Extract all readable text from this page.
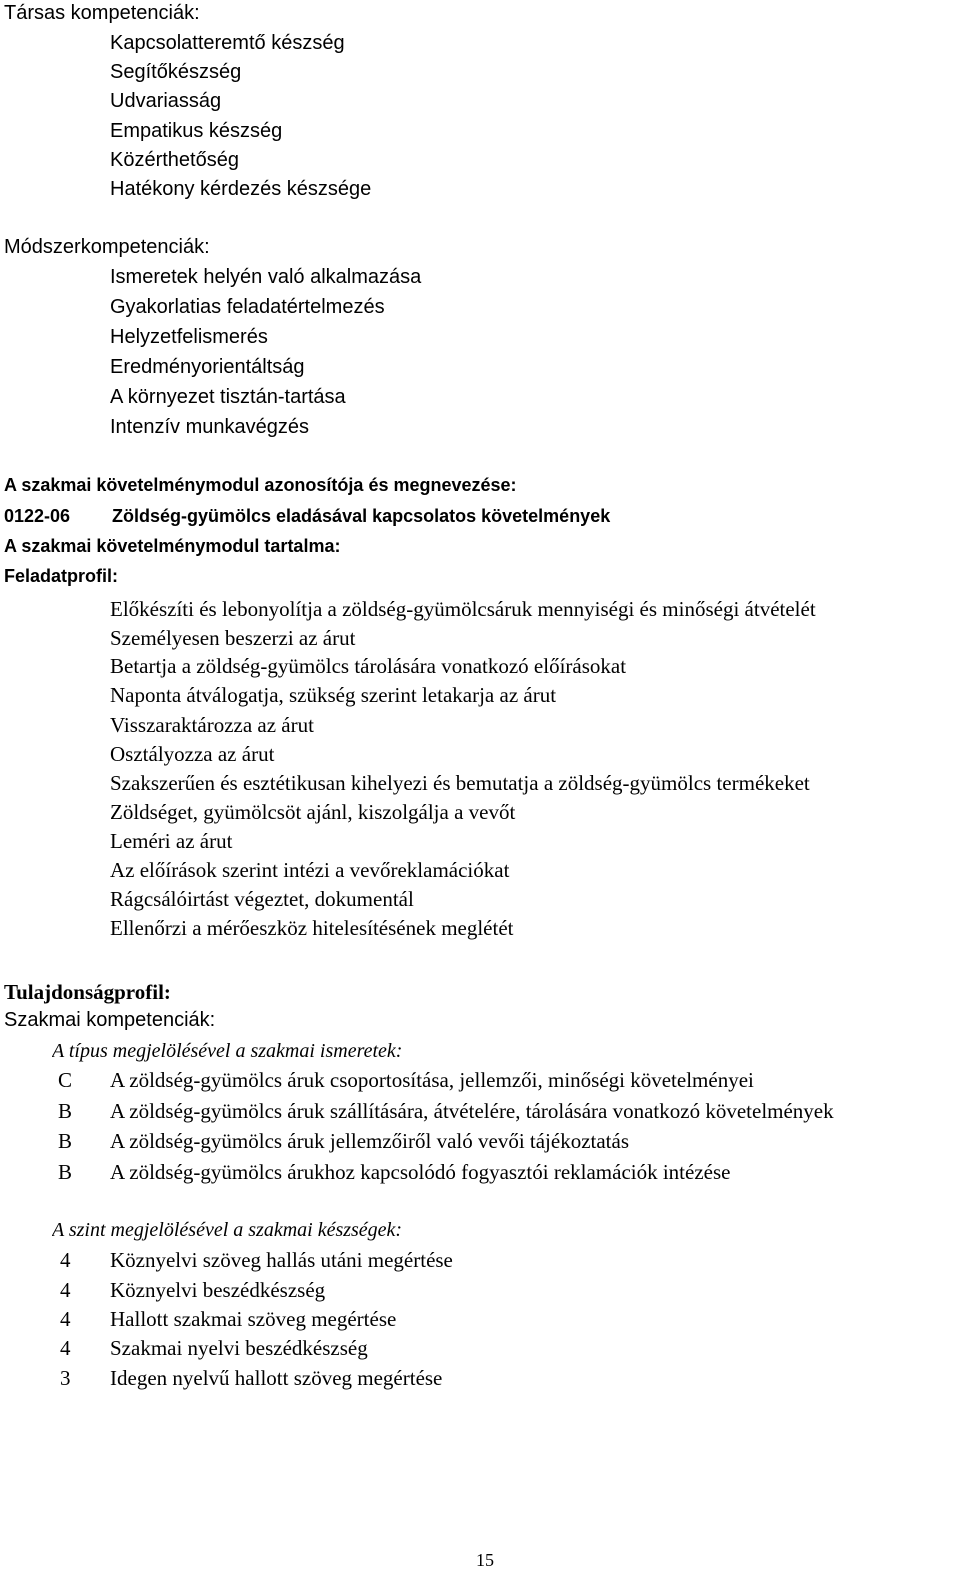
Társas kompetenciák:
Kapcsolatteremtő készség
Segítőkészség
Udvariasság
Empatikus készség
Közérthetőség
Hatékony kérdezés készsége
Módszerkompetenciák:
Ismeretek helyén való alkalmazása
Gyakorlatias feladatértelmezés
Helyzetfelismerés
Eredményorientáltság
A környezet tisztán-tartása
Intenzív munkavégzés
A szakmai követelménymodul azonosítója és megnevezése:
0122-06 Zöldség-gyümölcs eladásával kapcsolatos követelmények
A szakmai követelménymodul tartalma:
Feladatprofil:
Előkészíti és lebonyolítja a zöldség-gyümölcsáruk mennyiségi és minőségi átvételét
Személyesen beszerzi az árut
Betartja a zöldség-gyümölcs tárolására vonatkozó előírásokat
Naponta átválogatja, szükség szerint letakarja az árut
Visszaraktározza az árut
Osztályozza az árut
Szakszerűen és esztétikusan kihelyezi és bemutatja a zöldség-gyümölcs termékeket
Zöldséget, gyümölcsöt ajánl, kiszolgálja a vevőt
Leméri az árut
Az előírások szerint intézi a vevőreklamációkat
Rágcsálóirtást végeztet, dokumentál
Ellenőrzi a mérőeszköz hitelesítésének meglétét
Tulajdonságprofil:
Szakmai kompetenciák:
A típus megjelölésével a szakmai ismeretek:
C A zöldség-gyümölcs áruk csoportosítása, jellemzői, minőségi követelményei
B A zöldség-gyümölcs áruk szállítására, átvételére, tárolására vonatkozó követelmények
B A zöldség-gyümölcs áruk jellemzőiről való vevői tájékoztatás
B A zöldség-gyümölcs árukhoz kapcsolódó fogyasztói reklamációk intézése
A szint megjelölésével a szakmai készségek:
4 Köznyelvi szöveg hallás utáni megértése
4 Köznyelvi beszédkészség
4 Hallott szakmai szöveg megértése
4 Szakmai nyelvi beszédkészség
3 Idegen nyelvű hallott szöveg megértése
15
